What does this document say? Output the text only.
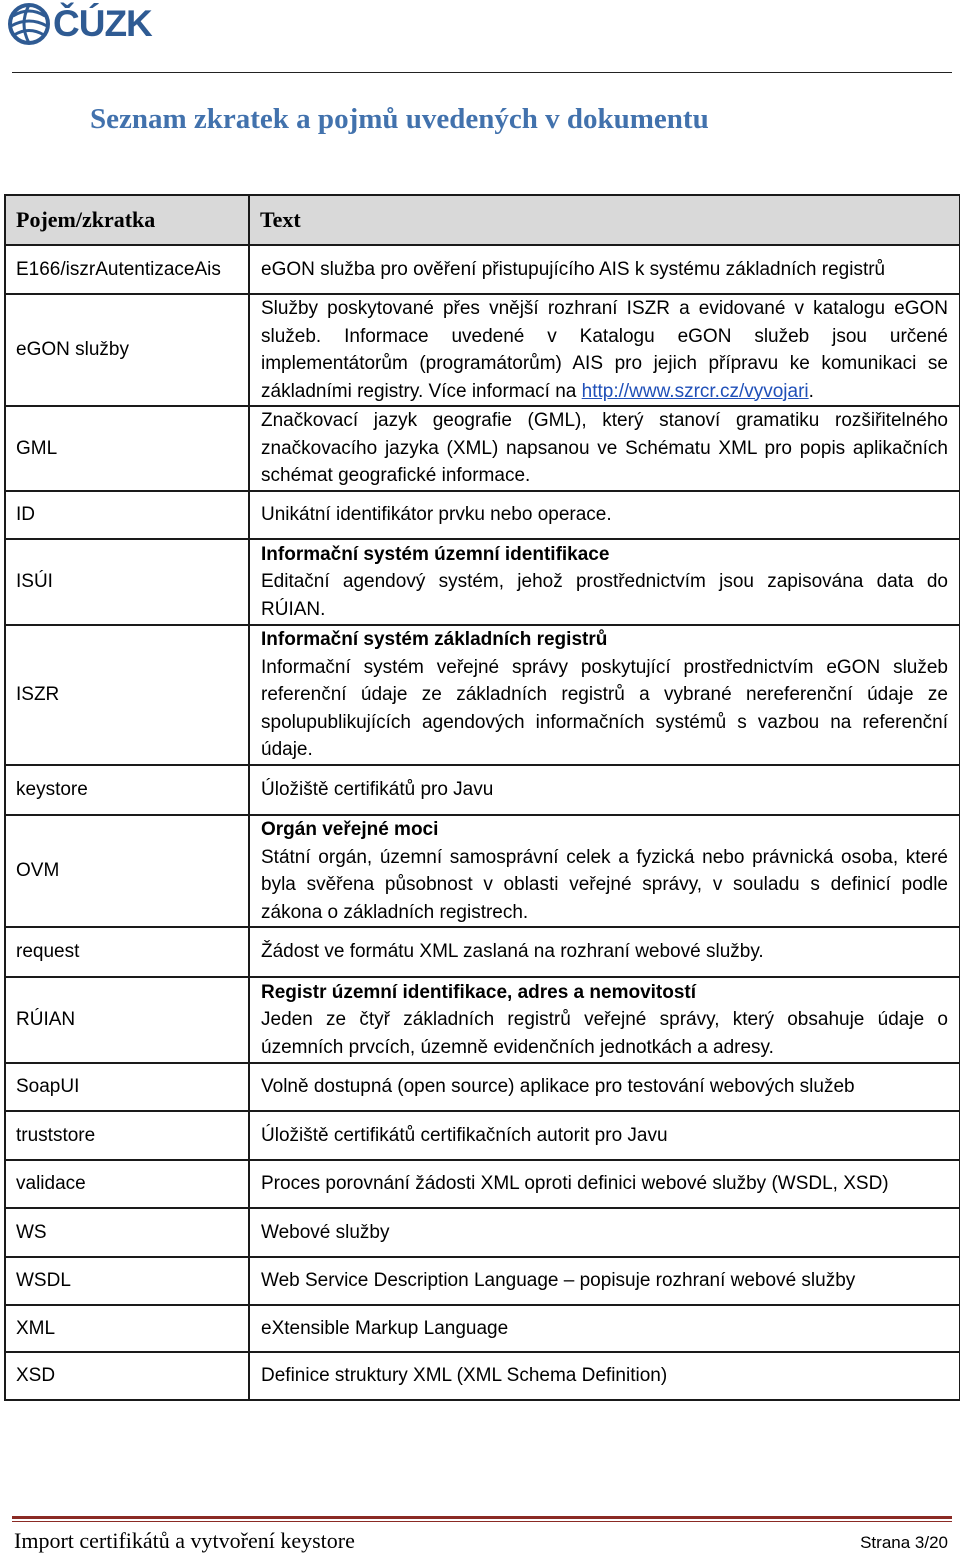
ČÚZK
Seznam zkratek a pojmů uvedených v dokumentu
Pojem/zkratka	Text
E166/iszrAutentizaceAis	eGON služba pro ověření přistupujícího AIS k systému základních registrů
eGON služby	Služby poskytované přes vnější rozhraní ISZR a evidované v katalogu eGON služeb. Informace uvedené v Katalogu eGON služeb jsou určené implementátorům (programátorům) AIS pro jejich přípravu ke komunikaci se základními registry. Více informací na http://www.szrcr.cz/vyvojari.
GML	Značkovací jazyk geografie (GML), který stanoví gramatiku rozšiřitelného značkovacího jazyka (XML) napsanou ve Schématu XML pro popis aplikačních schémat geografické informace.
ID	Unikátní identifikátor prvku nebo operace.
ISÚI	Informační systém územní identifikace
Editační agendový systém, jehož prostřednictvím jsou zapisována data do RÚIAN.
ISZR	Informační systém základních registrů
Informační systém veřejné správy poskytující prostřednictvím eGON služeb referenční údaje ze základních registrů a vybrané nereferenční údaje ze spolupublikujících agendových informačních systémů s vazbou na referenční údaje.
keystore	Úložiště certifikátů pro Javu
OVM	Orgán veřejné moci
Státní orgán, územní samosprávní celek a fyzická nebo právnická osoba, které byla svěřena působnost v oblasti veřejné správy, v souladu s definicí podle zákona o základních registrech.
request	Žádost ve formátu XML zaslaná na rozhraní webové služby.
RÚIAN	Registr územní identifikace, adres a nemovitostí
Jeden ze čtyř základních registrů veřejné správy, který obsahuje údaje o územních prvcích, územně evidenčních jednotkách a adresy.
SoapUI	Volně dostupná (open source) aplikace pro testování webových služeb
truststore	Úložiště certifikátů certifikačních autorit pro Javu
validace	Proces porovnání žádosti XML oproti definici webové služby (WSDL, XSD)
WS	Webové služby
WSDL	Web Service Description Language – popisuje rozhraní webové služby
XML	eXtensible Markup Language
XSD	Definice struktury XML (XML Schema Definition)
Import certifikátů a vytvoření keystore	Strana 3/20
